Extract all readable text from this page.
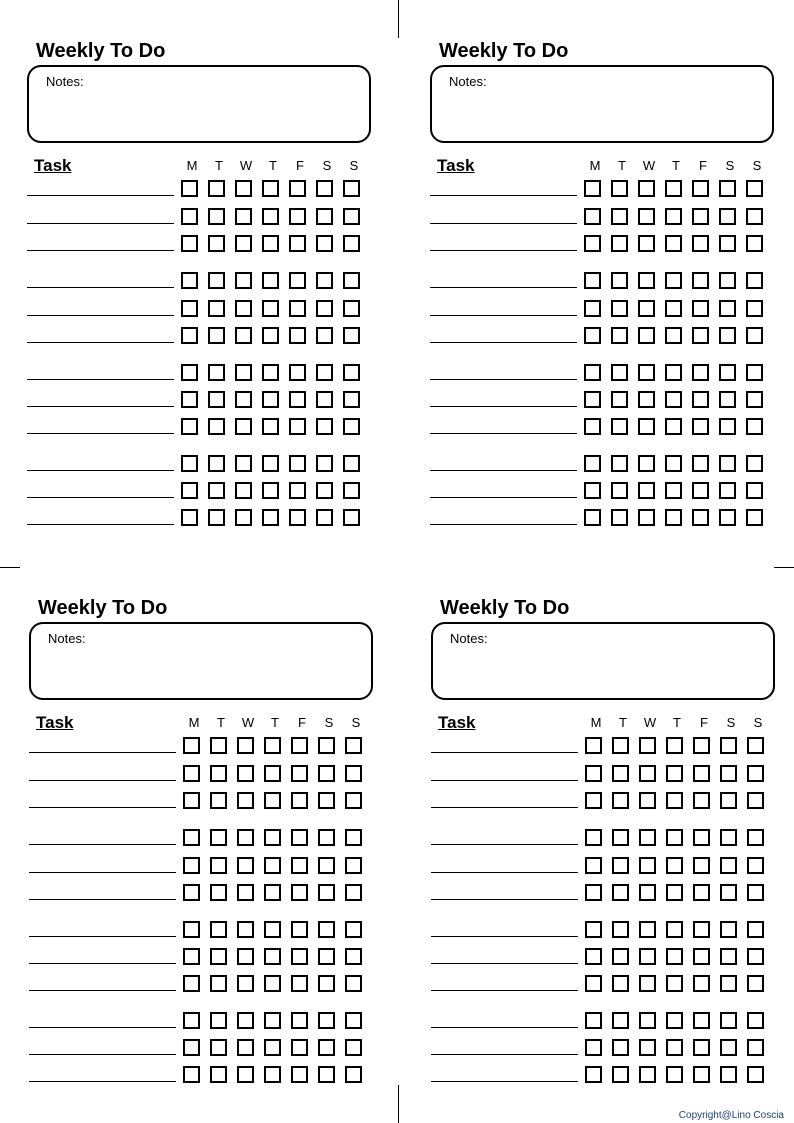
Weekly To Do
Notes:
Task	M	T	W	T	F	S	S
Weekly To Do
Notes:
Task	M	T	W	T	F	S	S
Weekly To Do
Notes:
Task	M	T	W	T	F	S	S
Weekly To Do
Notes:
Task	M	T	W	T	F	S	S
Copyright@Lino Coscia
